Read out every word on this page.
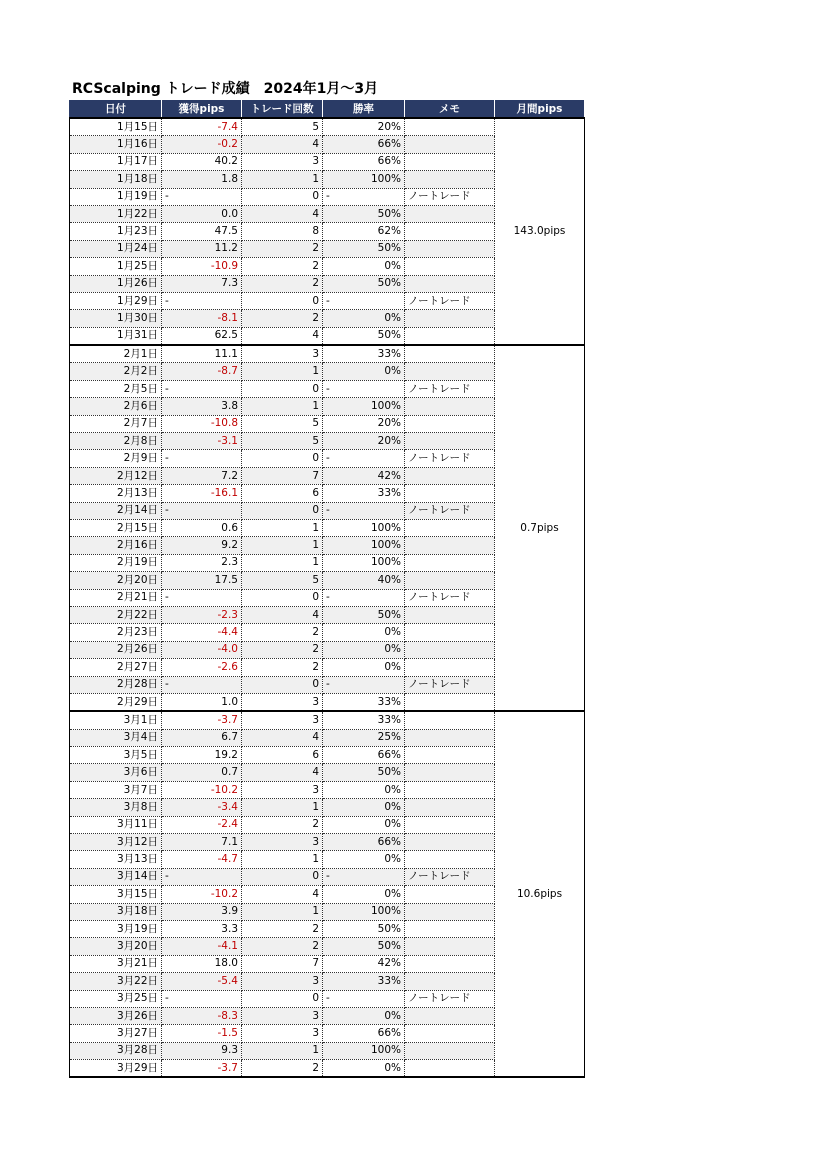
RCScalping トレード成績　2024年1月～3月
日付	獲得pips	トレード回数	勝率	メモ	月間pips
1月15日	-7.4	5	20%		143.0pips
1月16日	-0.2	4	66%		
1月17日	40.2	3	66%		
1月18日	1.8	1	100%		
1月19日	-	0	-	ノートレード	
1月22日	0.0	4	50%		
1月23日	47.5	8	62%		
1月24日	11.2	2	50%		
1月25日	-10.9	2	0%		
1月26日	7.3	2	50%		
1月29日	-	0	-	ノートレード	
1月30日	-8.1	2	0%		
1月31日	62.5	4	50%		
2月1日	11.1	3	33%		0.7pips
2月2日	-8.7	1	0%		
2月5日	-	0	-	ノートレード	
2月6日	3.8	1	100%		
2月7日	-10.8	5	20%		
2月8日	-3.1	5	20%		
2月9日	-	0	-	ノートレード	
2月12日	7.2	7	42%		
2月13日	-16.1	6	33%		
2月14日	-	0	-	ノートレード	
2月15日	0.6	1	100%		
2月16日	9.2	1	100%		
2月19日	2.3	1	100%		
2月20日	17.5	5	40%		
2月21日	-	0	-	ノートレード	
2月22日	-2.3	4	50%		
2月23日	-4.4	2	0%		
2月26日	-4.0	2	0%		
2月27日	-2.6	2	0%		
2月28日	-	0	-	ノートレード	
2月29日	1.0	3	33%		
3月1日	-3.7	3	33%		10.6pips
3月4日	6.7	4	25%		
3月5日	19.2	6	66%		
3月6日	0.7	4	50%		
3月7日	-10.2	3	0%		
3月8日	-3.4	1	0%		
3月11日	-2.4	2	0%		
3月12日	7.1	3	66%		
3月13日	-4.7	1	0%		
3月14日	-	0	-	ノートレード	
3月15日	-10.2	4	0%		
3月18日	3.9	1	100%		
3月19日	3.3	2	50%		
3月20日	-4.1	2	50%		
3月21日	18.0	7	42%		
3月22日	-5.4	3	33%		
3月25日	-	0	-	ノートレード	
3月26日	-8.3	3	0%		
3月27日	-1.5	3	66%		
3月28日	9.3	1	100%		
3月29日	-3.7	2	0%		
